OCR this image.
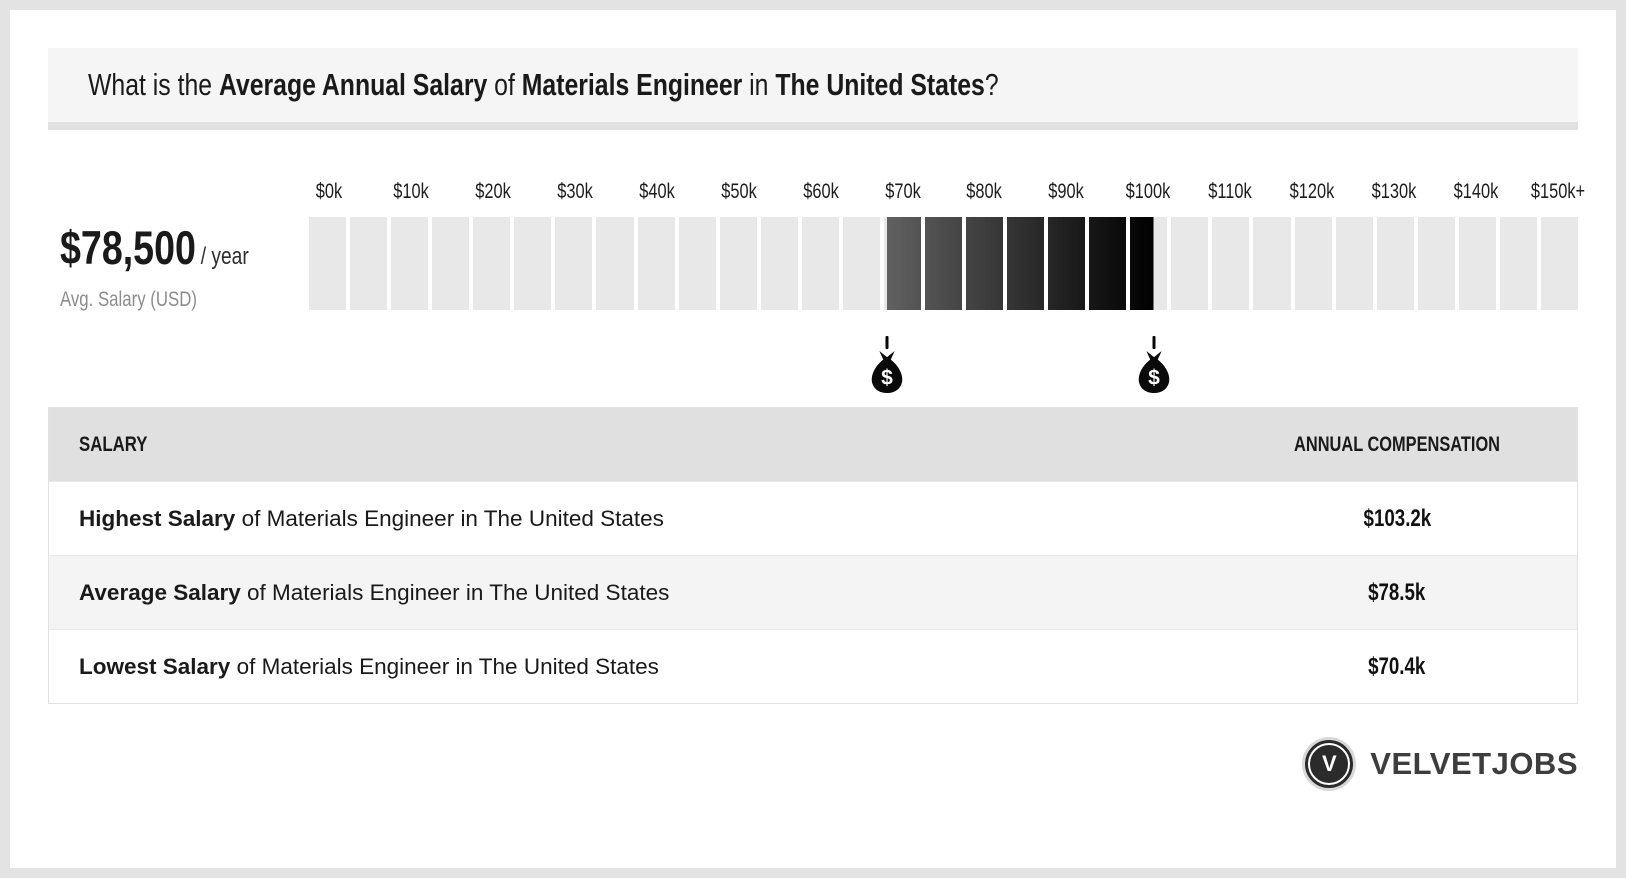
What is the Average Annual Salary of Materials Engineer in The United States?
$78,500 / year
Avg. Salary (USD)
$0k $10k $20k $30k $40k $50k $60k $70k $80k $90k $100k $110k $120k $130k $140k $150k+
$	$
SALARY	ANNUAL COMPENSATION
Highest Salary of Materials Engineer in The United States	$103.2k
Average Salary of Materials Engineer in The United States	$78.5k
Lowest Salary of Materials Engineer in The United States	$70.4k
V VELVETJOBS
